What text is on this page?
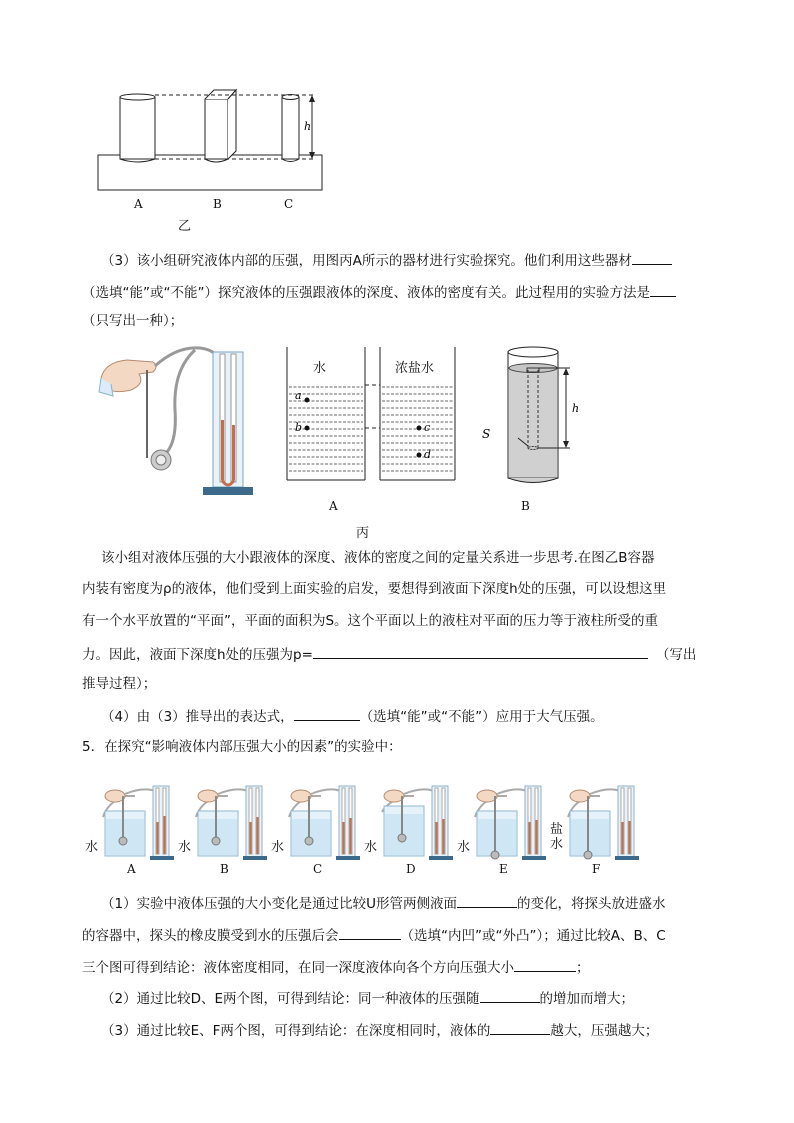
h
A	B	C
乙
（3）该小组研究液体内部的压强，用图丙A所示的器材进行实验探究。他们利用这些器材
（选填“能”或“不能”）探究液体的压强跟液体的深度、液体的密度有关。此过程用的实验方法是
（只写出一种）；
a
b	c
d
水	浓盐水
A
丙
h
S
B
该小组对液体压强的大小跟液体的深度、液体的密度之间的定量关系进一步思考.在图乙B容器
内装有密度为ρ的液体，他们受到上面实验的启发，要想得到液面下深度h处的压强，可以设想这里
有一个水平放置的“平面”，平面的面积为S。这个平面以上的液柱对平面的压力等于液柱所受的重
力。因此，液面下深度h处的压强为p=	（写出
推导过程）；
（4）由（3）推导出的表达式，	（选填“能”或“不能”）应用于大气压强。
5．在探究“影响液体内部压强大小的因素”的实验中：
水
A
水
B
水
C
水
D
水
E
盐
水
F
（1）实验中液体压强的大小变化是通过比较U形管两侧液面	的变化，将探头放进盛水
的容器中，探头的橡皮膜受到水的压强后会	（选填“内凹”或“外凸”）；通过比较A、B、C
三个图可得到结论：液体密度相同，在同一深度液体向各个方向压强大小	；
（2）通过比较D、E两个图，可得到结论：同一种液体的压强随	的增加而增大；
（3）通过比较E、F两个图，可得到结论：在深度相同时，液体的	越大，压强越大；
